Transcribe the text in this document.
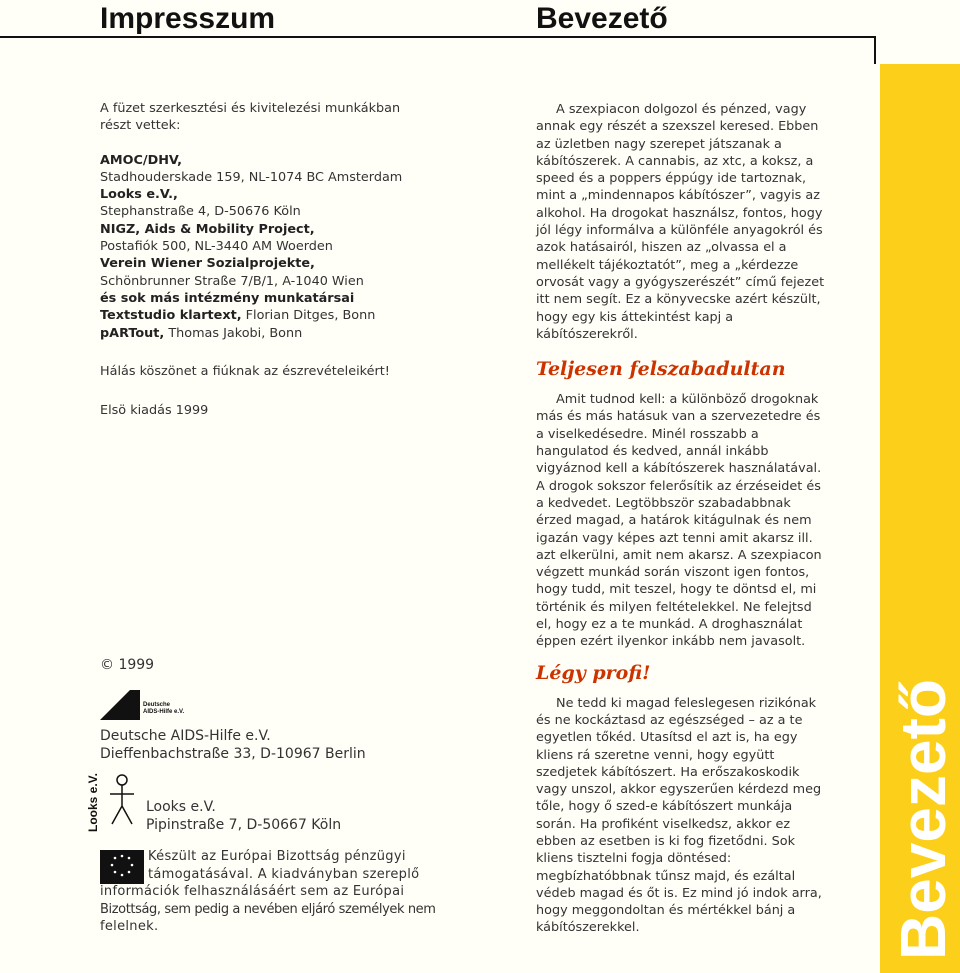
Impresszum	Bevezető
Bevezető
A füzet szerkesztési és kivitelezési munkákban részt vettek:
AMOC/DHV,
Stadhouderskade 159, NL-1074 BC Amsterdam
Looks e.V.,
Stephanstraße 4, D-50676 Köln
NIGZ, Aids & Mobility Project,
Postafiók 500, NL-3440 AM Woerden
Verein Wiener Sozialprojekte,
Schönbrunner Straße 7/B/1, A-1040 Wien
és sok más intézmény munkatársai
Textstudio klartext, Florian Ditges, Bonn
pARTout, Thomas Jakobi, Bonn
Hálás köszönet a fiúknak az észrevételeikért!
Elsö kiadás 1999
© 1999
Deutsche
AIDS-Hilfe e.V.
Deutsche AIDS-Hilfe e.V.
Dieffenbachstraße 33, D-10967 Berlin
Looks e.V.	Looks e.V.
Pipinstraße 7, D-50667 Köln
Készült az Európai Bizottság pénzügyi
támogatásával. A kiadványban szereplő
információk felhasználásáért sem az Európai
Bizottság, sem pedig a nevében eljáró személyek nem
felelnek.
A szexpiacon dolgozol és pénzed, vagy annak egy részét a szexszel keresed. Ebben az üzletben nagy szerepet játszanak a kábítószerek. A cannabis, az xtc, a koksz, a speed és a poppers éppúgy ide tartoznak, mint a „mindennapos kábítószer”, vagyis az alkohol. Ha drogokat használsz, fontos, hogy jól légy informálva a különféle anyagokról és azok hatásairól, hiszen az „olvassa el a mellékelt tájékoztatót”, meg a „kérdezze orvosát vagy a gyógyszerészét” című fejezet itt nem segít. Ez a könyvecske azért készült, hogy egy kis áttekintést kapj a kábítószerekről.
Teljesen felszabadultan
Amit tudnod kell: a különböző drogoknak más és más hatásuk van a szervezetedre és a viselkedésedre. Minél rosszabb a hangulatod és kedved, annál inkább vigyáznod kell a kábítószerek használatával. A drogok sokszor felerősítik az érzéseidet és a kedvedet. Legtöbbször szabadabbnak érzed magad, a határok kitágulnak és nem igazán vagy képes azt tenni amit akarsz ill. azt elkerülni, amit nem akarsz. A szexpiacon végzett munkád során viszont igen fontos, hogy tudd, mit teszel, hogy te döntsd el, mi történik és milyen feltételekkel. Ne felejtsd el, hogy ez a te munkád. A droghasználat éppen ezért ilyenkor inkább nem javasolt.
Légy profi!
Ne tedd ki magad feleslegesen rizikónak és ne kockáztasd az egészséged – az a te egyetlen tőkéd. Utasítsd el azt is, ha egy kliens rá szeretne venni, hogy együtt szedjetek kábítószert. Ha erőszakoskodik vagy unszol, akkor egyszerűen kérdezd meg tőle, hogy ő szed-e kábítószert munkája során. Ha profiként viselkedsz, akkor ez ebben az esetben is ki fog fizetődni. Sok kliens tisztelni fogja döntésed: megbízhatóbbnak tűnsz majd, és ezáltal védeb magad és őt is. Ez mind jó indok arra, hogy meggondoltan és mértékkel bánj a kábítószerekkel.
